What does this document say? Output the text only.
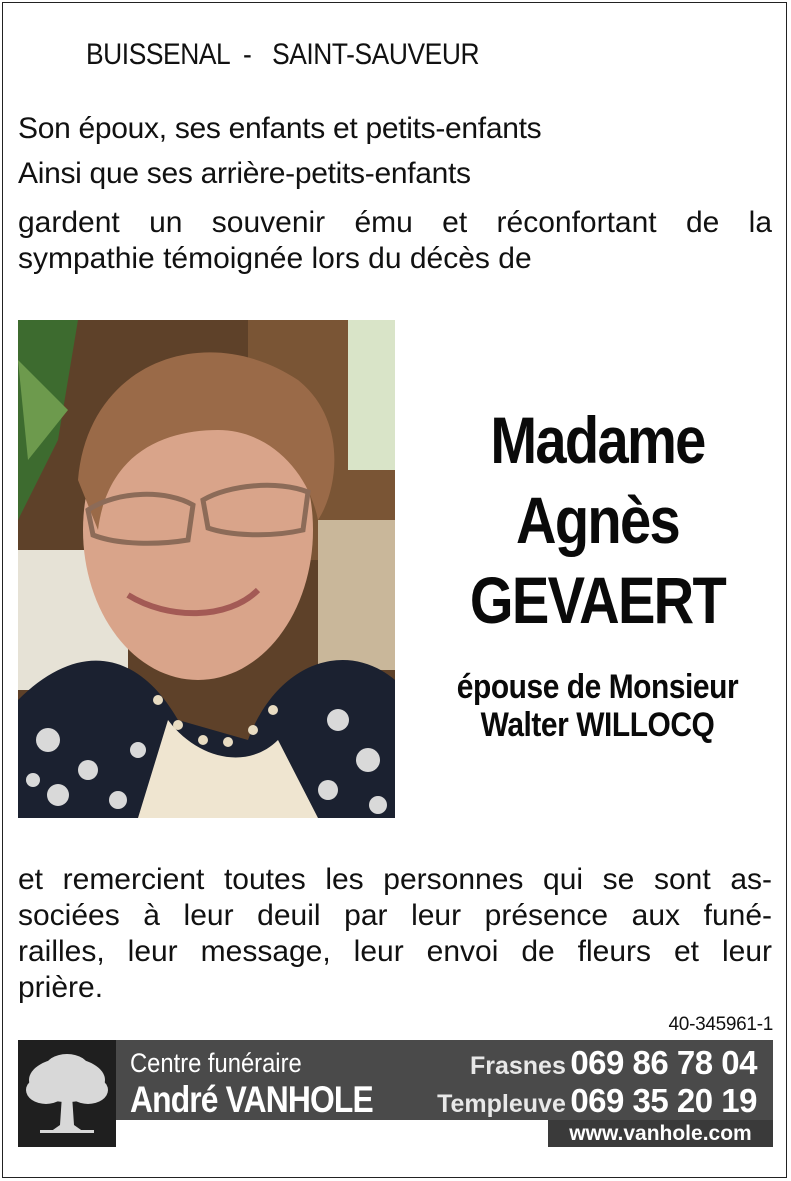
BUISSENAL  -   SAINT-SAUVEUR
Son époux, ses enfants et petits-enfants
Ainsi que ses arrière-petits-enfants
gardent un souvenir ému et réconfortant de la
sympathie témoignée lors du décès de
Madame
Agnès
GEVAERT
épouse de Monsieur
Walter WILLOCQ
et remercient toutes les personnes qui se sont as-
sociées à leur deuil par leur présence aux funé-
railles, leur message, leur envoi de fleurs et leur
prière.
40-345961-1
Centre funéraire
André VANHOLE
Frasnes 069 86 78 04
Templeuve 069 35 20 19
www.vanhole.com
